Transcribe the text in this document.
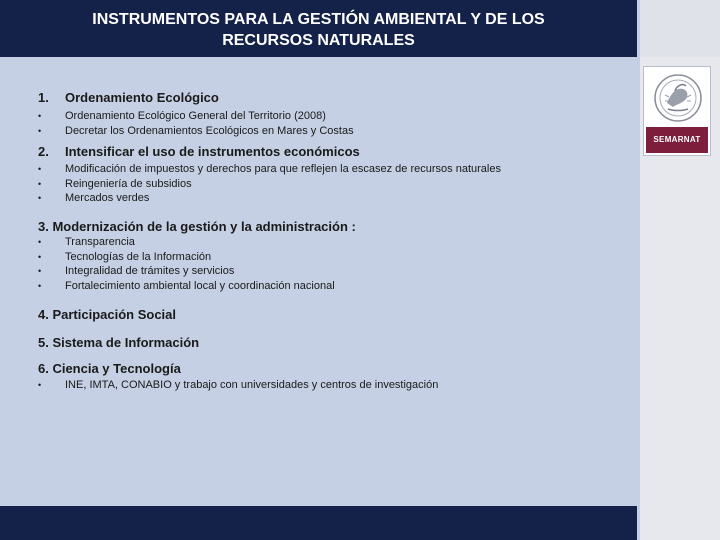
INSTRUMENTOS PARA LA GESTIÓN AMBIENTAL Y DE LOS
RECURSOS NATURALES
SEMARNAT
1. Ordenamiento Ecológico
• Ordenamiento Ecológico General del Territorio (2008)
• Decretar los Ordenamientos Ecológicos en Mares y Costas
2. Intensificar el uso de instrumentos económicos
• Modificación de impuestos y derechos para que reflejen la escasez de recursos naturales
• Reingeniería de subsidios
• Mercados verdes
3. Modernización de la gestión y la administración :
• Transparencia
• Tecnologías de la Información
• Integralidad de trámites y servicios
• Fortalecimiento ambiental local y coordinación nacional
4. Participación Social
5. Sistema de Información
6. Ciencia y Tecnología
• INE, IMTA, CONABIO y trabajo con universidades y centros de investigación
